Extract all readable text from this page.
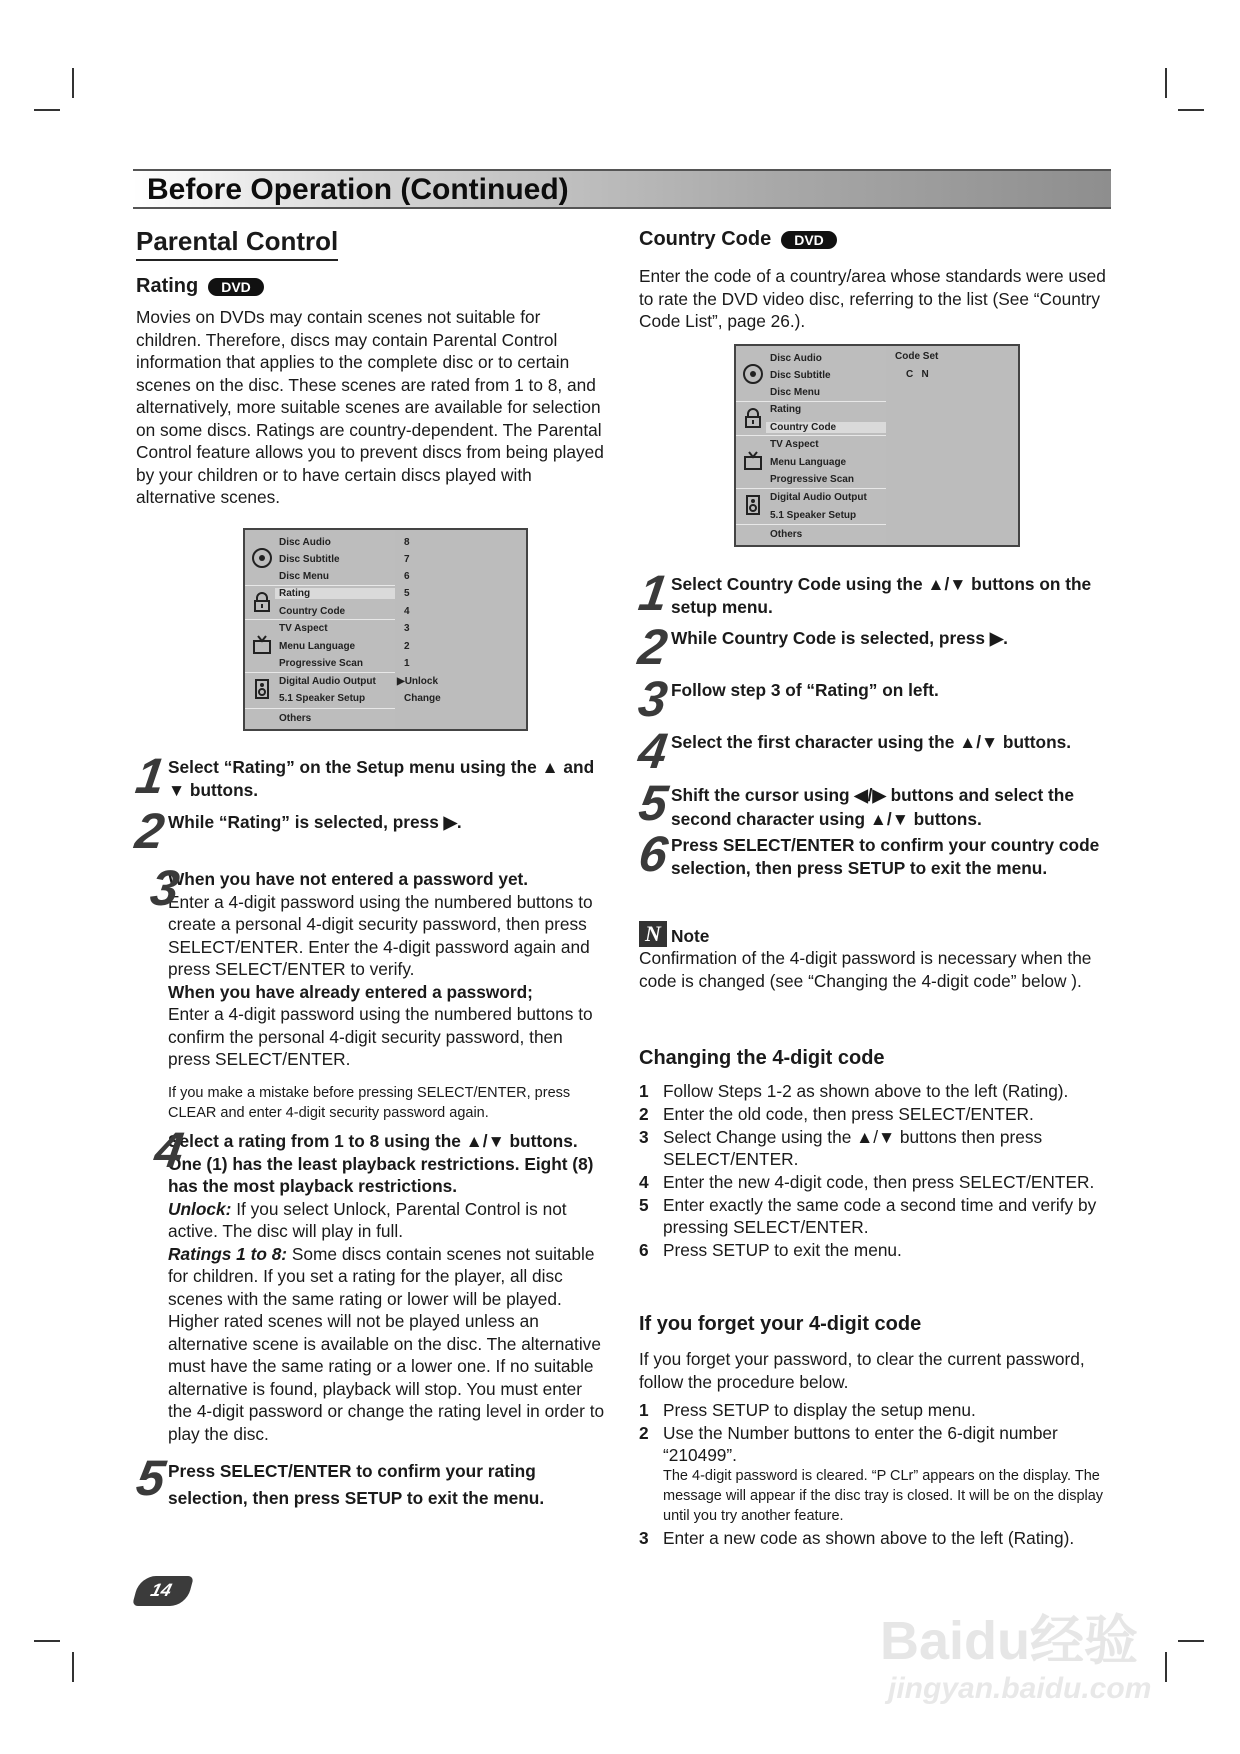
Before Operation (Continued)
Parental Control
Rating	DVD

Movies on DVDs may contain scenes not suitable for children. Therefore, discs may contain Parental Control information that applies to the complete disc or to certain scenes on the disc. These scenes are rated from 1 to 8, and alternatively, more suitable scenes are available for selection on some discs. Ratings are country-dependent. The Parental Control feature allows you to prevent discs from being played by your children or to have certain discs played with alternative scenes.

Disc Audio
Disc Subtitle
Disc Menu
Rating
Country Code
TV Aspect
Menu Language
Progressive Scan
Digital Audio Output
5.1 Speaker Setup
Others
8
7
6
5
4
3
2
1
▶Unlock
Change
1 Select “Rating” on the Setup menu using the ▲ and ▼ buttons.
2 While “Rating” is selected, press ▶.
3
When you have not entered a password yet.
Enter a 4-digit password using the numbered buttons to create a personal 4-digit security password, then press SELECT/ENTER. Enter the 4-digit password again and press SELECT/ENTER to verify.
When you have already entered a password;
Enter a 4-digit password using the numbered buttons to confirm the personal 4-digit security password, then press SELECT/ENTER.
If you make a mistake before pressing SELECT/ENTER, press CLEAR and enter 4-digit security password again.
4
Select a rating from 1 to 8 using the ▲/▼ buttons. One (1) has the least playback restrictions. Eight (8) has the most playback restrictions.
Unlock: If you select Unlock, Parental Control is not active. The disc will play in full.
Ratings 1 to 8: Some discs contain scenes not suitable for children. If you set a rating for the player, all disc scenes with the same rating or lower will be played. Higher rated scenes will not be played unless an alternative scene is available on the disc. The alternative must have the same rating or a lower one. If no suitable alternative is found, playback will stop. You must enter the 4-digit password or change the rating level in order to play the disc.
5 Press SELECT/ENTER to confirm your rating selection, then press SETUP to exit the menu.
Country Code	DVD

Enter the code of a country/area whose standards were used to rate the DVD video disc, referring to the list (See “Country Code List”, page 26.).

Disc Audio
Disc Subtitle
Disc Menu
Rating
Country Code
TV Aspect
Menu Language
Progressive Scan
Digital Audio Output
5.1 Speaker Setup
Others
Code Set
C   N
1 Select Country Code using the ▲/▼ buttons on the setup menu.
2 While Country Code is selected, press ▶.
3 Follow step 3 of “Rating” on left.
4 Select the first character using the ▲/▼ buttons.
5 Shift the cursor using ◀/▶ buttons and select the second character using ▲/▼ buttons.
6 Press SELECT/ENTER to confirm your country code selection, then press SETUP to exit the menu.
N Note

Confirmation of the 4-digit password is necessary when the code is changed (see “Changing the 4-digit code” below ).

Changing the 4-digit code
1 Follow Steps 1-2 as shown above to the left (Rating).
2 Enter the old code, then press SELECT/ENTER.
3 Select Change using the ▲/▼ buttons then press SELECT/ENTER.
4 Enter the new 4-digit code, then press SELECT/ENTER.
5 Enter exactly the same code a second time and verify by pressing SELECT/ENTER.
6 Press SETUP to exit the menu.
If you forget your 4-digit code

If you forget your password, to clear the current password, follow the procedure below.

1 Press SETUP to display the setup menu.
2 Use the Number buttons to enter the 6-digit number “210499”.
The 4-digit password is cleared. “P CLr” appears on the display. The message will appear if the disc tray is closed. It will be on the display until you try another feature.
3 Enter a new code as shown above to the left (Rating).
14
Baidu经验
jingyan.baidu.com
